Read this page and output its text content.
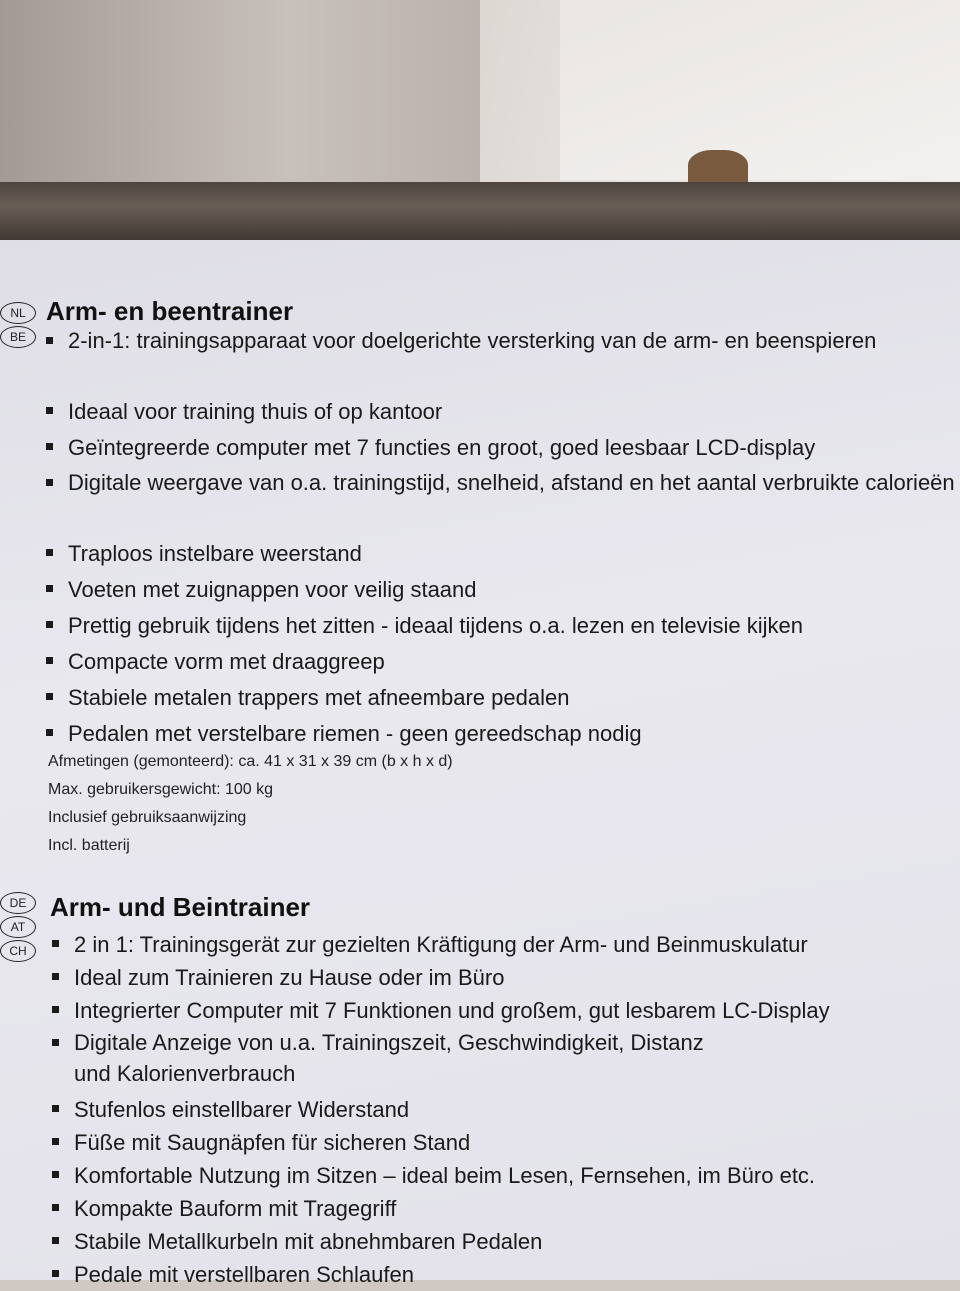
NL
BE
Arm- en beentrainer
2-in-1: trainingsapparaat voor doelgerichte versterking van de arm- en beenspieren
Ideaal voor training thuis of op kantoor
Geïntegreerde computer met 7 functies en groot, goed leesbaar LCD-display
Digitale weergave van o.a. trainingstijd, snelheid, afstand en het aantal verbruikte calorieën
Traploos instelbare weerstand
Voeten met zuignappen voor veilig staand
Prettig gebruik tijdens het zitten - ideaal tijdens o.a. lezen en televisie kijken
Compacte vorm met draaggreep
Stabiele metalen trappers met afneembare pedalen
Pedalen met verstelbare riemen - geen gereedschap nodig
Afmetingen (gemonteerd): ca. 41 x 31 x 39 cm (b x h x d)
Max. gebruikersgewicht: 100 kg
Inclusief gebruiksaanwijzing
Incl. batterij
DE
AT
CH
Arm- und Beintrainer
2 in 1: Trainingsgerät zur gezielten Kräftigung der Arm- und Beinmuskulatur
Ideal zum Trainieren zu Hause oder im Büro
Integrierter Computer mit 7 Funktionen und großem, gut lesbarem LC-Display
Digitale Anzeige von u.a. Trainingszeit, Geschwindigkeit, Distanz und Kalorienverbrauch
Stufenlos einstellbarer Widerstand
Füße mit Saugnäpfen für sicheren Stand
Komfortable Nutzung im Sitzen – ideal beim Lesen, Fernsehen, im Büro etc.
Kompakte Bauform mit Tragegriff
Stabile Metallkurbeln mit abnehmbaren Pedalen
Pedale mit verstellbaren Schlaufen
